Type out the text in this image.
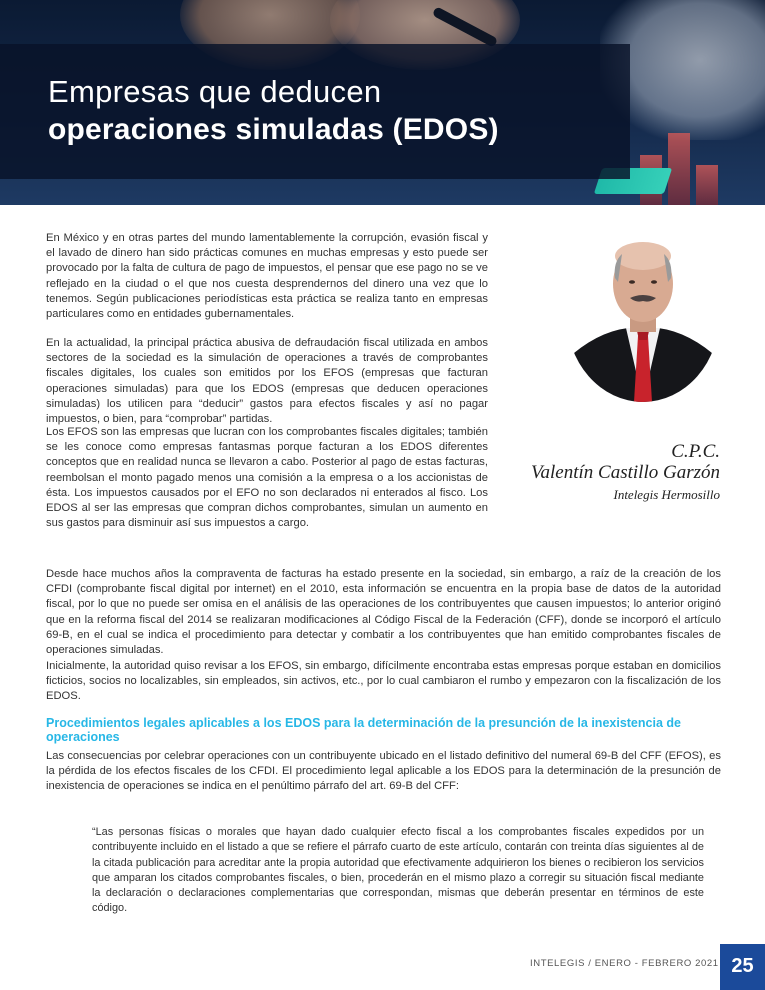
Empresas que deducen
operaciones simuladas (EDOS)
En México y en otras partes del mundo lamentablemente la corrupción, evasión fiscal y el lavado de dinero han sido prácticas comunes en muchas empresas y esto puede ser provocado por la falta de cultura de pago de impuestos, el pensar que ese pago no se ve reflejado en la ciudad o el que nos cuesta desprendernos del dinero una vez que lo tenemos. Según publicaciones periodísticas esta práctica se realiza tanto en empresas particulares como en entidades gubernamentales.
En la actualidad, la principal práctica abusiva de defraudación fiscal utilizada en ambos sectores de la sociedad es la simulación de operaciones a través de comprobantes fiscales digitales, los cuales son emitidos por los EFOS (empresas que facturan operaciones simuladas) para que los EDOS (empresas que deducen operaciones simuladas) los utilicen para “deducir” gastos para efectos fiscales y así no pagar impuestos, o bien, para “comprobar” partidas.
Los EFOS son las empresas que lucran con los comprobantes fiscales digitales; también se les conoce como empresas fantasmas porque facturan a los EDOS diferentes conceptos que en realidad nunca se llevaron a cabo. Posterior al pago de estas facturas, reembolsan el monto pagado menos una comisión a la empresa o a los accionistas de ésta. Los impuestos causados por el EFO no son declarados ni enterados al fisco. Los EDOS al ser las empresas que compran dichos comprobantes, simulan un aumento en sus gastos para disminuir así sus impuestos a cargo.
C.P.C.
Valentín Castillo Garzón
Intelegis Hermosillo
Desde hace muchos años la compraventa de facturas ha estado presente en la sociedad, sin embargo, a raíz de la creación de los CFDI (comprobante fiscal digital por internet) en el 2010, esta información se encuentra en la propia base de datos de la autoridad fiscal, por lo que no puede ser omisa en el análisis de las operaciones de los contribuyentes que causen impuestos; lo anterior originó que en la reforma fiscal del 2014 se realizaran modificaciones al Código Fiscal de la Federación (CFF), donde se incorporó el artículo 69-B, en el cual se indica el procedimiento para detectar y combatir a los contribuyentes que han emitido comprobantes fiscales de operaciones simuladas.
Inicialmente, la autoridad quiso revisar a los EFOS, sin embargo, difícilmente encontraba estas empresas porque estaban en domicilios ficticios, socios no localizables, sin empleados, sin activos, etc., por lo cual cambiaron el rumbo y empezaron con la fiscalización de los EDOS.
Procedimientos legales aplicables a los EDOS para la determinación de la presunción de la inexistencia de operaciones
Las consecuencias por celebrar operaciones con un contribuyente ubicado en el listado definitivo del numeral 69-B del CFF (EFOS), es la pérdida de los efectos fiscales de los CFDI. El procedimiento legal aplicable a los EDOS para la determinación de la presunción de inexistencia de operaciones se indica en el penúltimo párrafo del art. 69-B del CFF:
“Las personas físicas o morales que hayan dado cualquier efecto fiscal a los comprobantes fiscales expedidos por un contribuyente incluido en el listado a que se refiere el párrafo cuarto de este artículo, contarán con treinta días siguientes al de la citada publicación para acreditar ante la propia autoridad que efectivamente adquirieron los bienes o recibieron los servicios que amparan los citados comprobantes fiscales, o bien, procederán en el mismo plazo a corregir su situación fiscal mediante la declaración o declaraciones complementarias que correspondan, mismas que deberán presentar en términos de este código.
INTELEGIS / ENERO - FEBRERO 2021 25
